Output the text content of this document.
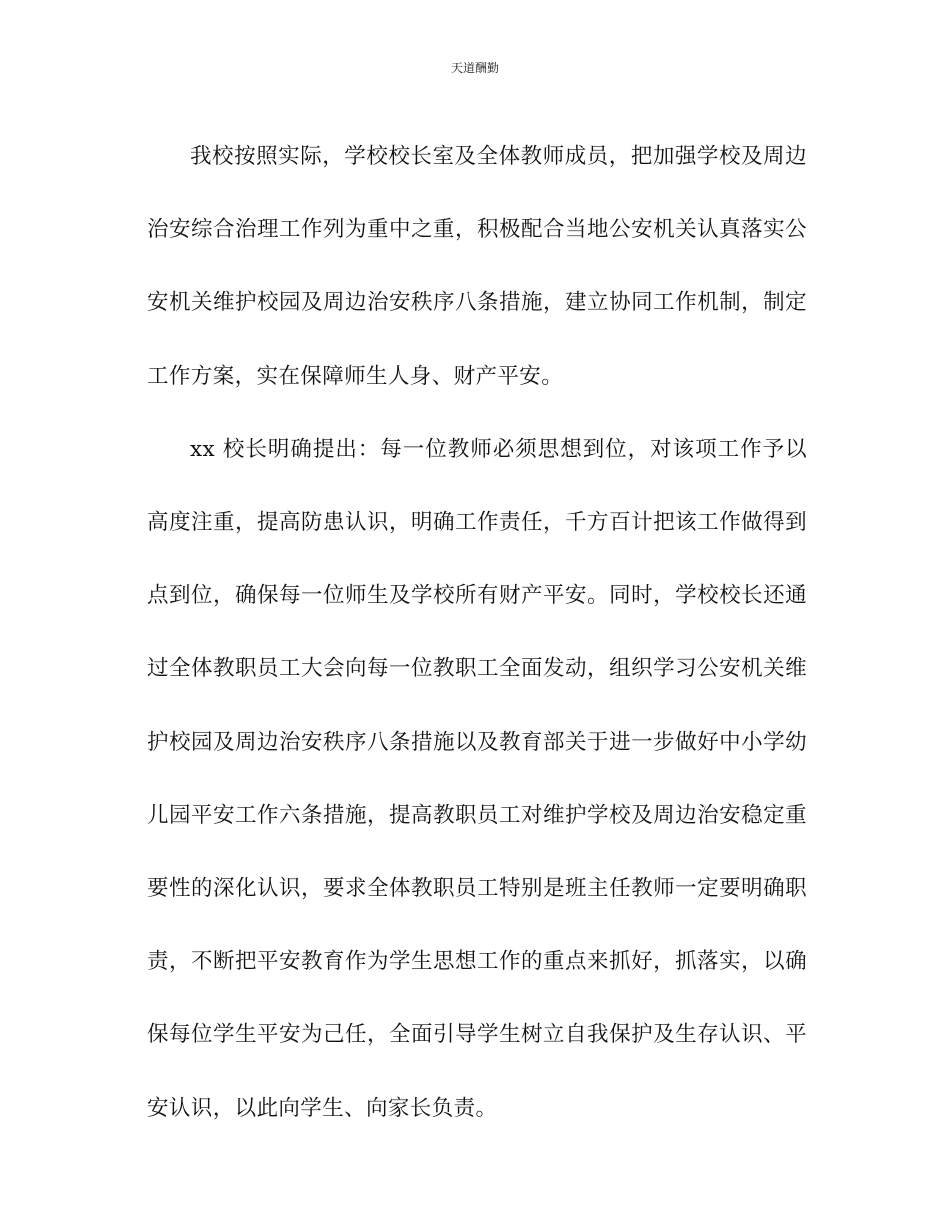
天道酬勤

我校按照实际，学校校长室及全体教师成员，把加强学校及周边治安综合治理工作列为重中之重，积极配合当地公安机关认真落实公安机关维护校园及周边治安秩序八条措施，建立协同工作机制，制定工作方案，实在保障师生人身、财产平安。

xx 校长明确提出：每一位教师必须思想到位，对该项工作予以高度注重，提高防患认识，明确工作责任，千方百计把该工作做得到点到位，确保每一位师生及学校所有财产平安。同时，学校校长还通过全体教职员工大会向每一位教职工全面发动，组织学习公安机关维护校园及周边治安秩序八条措施以及教育部关于进一步做好中小学幼儿园平安工作六条措施，提高教职员工对维护学校及周边治安稳定重要性的深化认识，要求全体教职员工特别是班主任教师一定要明确职责，不断把平安教育作为学生思想工作的重点来抓好，抓落实，以确保每位学生平安为己任，全面引导学生树立自我保护及生存认识、平安认识，以此向学生、向家长负责。
